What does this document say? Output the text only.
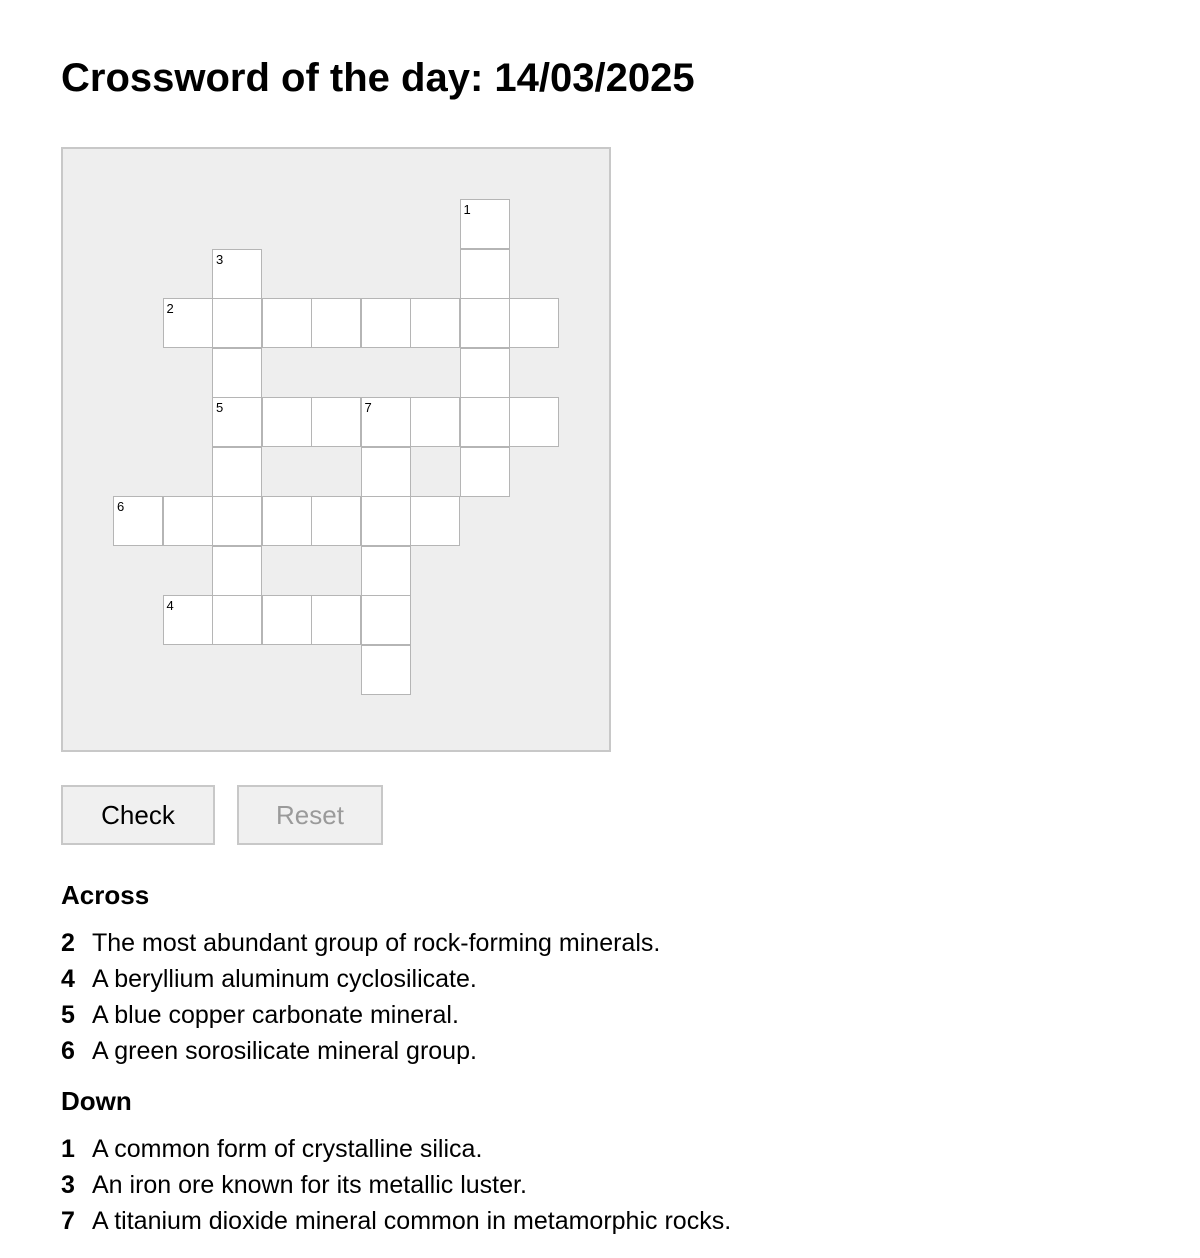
Crossword of the day: 14/03/2025
1
2
3
5
4
7
6
Check	Reset
Across
2 The most abundant group of rock-forming minerals.
4 A beryllium aluminum cyclosilicate.
5 A blue copper carbonate mineral.
6 A green sorosilicate mineral group.
Down
1 A common form of crystalline silica.
3 An iron ore known for its metallic luster.
7 A titanium dioxide mineral common in metamorphic rocks.
